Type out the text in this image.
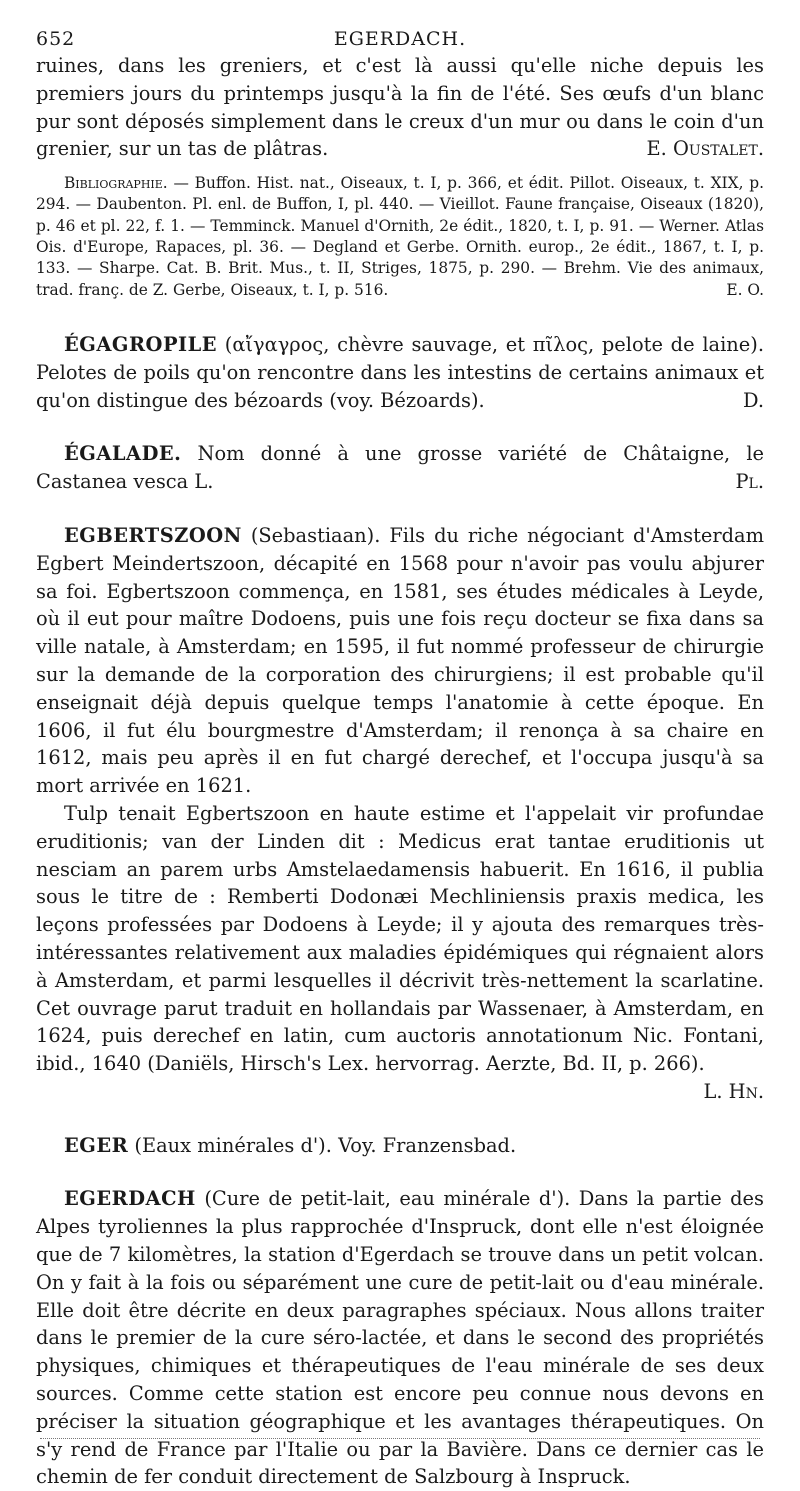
652	EGERDACH.

ruines, dans les greniers, et c'est là aussi qu'elle niche depuis les premiers jours du printemps jusqu'à la fin de l'été. Ses œufs d'un blanc pur sont déposés simplement dans le creux d'un mur ou dans le coin d'un grenier, sur un tas de plâtras.	E. Oustalet.

Bibliographie. — Buffon. Hist. nat., Oiseaux, t. I, p. 366, et édit. Pillot. Oiseaux, t. XIX, p. 294. — Daubenton. Pl. enl. de Buffon, I, pl. 440. — Vieillot. Faune française, Oiseaux (1820), p. 46 et pl. 22, f. 1. — Temminck. Manuel d'Ornith, 2e édit., 1820, t. I, p. 91. — Werner. Atlas Ois. d'Europe, Rapaces, pl. 36. — Degland et Gerbe. Ornith. europ., 2e édit., 1867, t. I, p. 133. — Sharpe. Cat. B. Brit. Mus., t. II, Striges, 1875, p. 290. — Brehm. Vie des animaux, trad. franç. de Z. Gerbe, Oiseaux, t. I, p. 516.	E. O.

ÉGAGROPILE (αἴγαγρος, chèvre sauvage, et πῖλος, pelote de laine). Pelotes de poils qu'on rencontre dans les intestins de certains animaux et qu'on distingue des bézoards (voy. Bézoards).	D.

ÉGALADE. Nom donné à une grosse variété de Châtaigne, le Castanea vesca L.	Pl.

EGBERTSZOON (Sebastiaan). Fils du riche négociant d'Amsterdam Egbert Meindertszoon, décapité en 1568 pour n'avoir pas voulu abjurer sa foi. Egbertszoon commença, en 1581, ses études médicales à Leyde, où il eut pour maître Dodoens, puis une fois reçu docteur se fixa dans sa ville natale, à Amsterdam; en 1595, il fut nommé professeur de chirurgie sur la demande de la corporation des chirurgiens; il est probable qu'il enseignait déjà depuis quelque temps l'anatomie à cette époque. En 1606, il fut élu bourgmestre d'Amsterdam; il renonça à sa chaire en 1612, mais peu après il en fut chargé derechef, et l'occupa jusqu'à sa mort arrivée en 1621.

Tulp tenait Egbertszoon en haute estime et l'appelait vir profundae eruditionis; van der Linden dit : Medicus erat tantae eruditionis ut nesciam an parem urbs Amstelaedamensis habuerit. En 1616, il publia sous le titre de : Remberti Dodonæi Mechliniensis praxis medica, les leçons professées par Dodoens à Leyde; il y ajouta des remarques très-intéressantes relativement aux maladies épidémiques qui régnaient alors à Amsterdam, et parmi lesquelles il décrivit très-nettement la scarlatine. Cet ouvrage parut traduit en hollandais par Wassenaer, à Amsterdam, en 1624, puis derechef en latin, cum auctoris annotationum Nic. Fontani, ibid., 1640 (Daniëls, Hirsch's Lex. hervorrag. Aerzte, Bd. II, p. 266).
L. Hn.

EGER (Eaux minérales d'). Voy. Franzensbad.

EGERDACH (Cure de petit-lait, eau minérale d'). Dans la partie des Alpes tyroliennes la plus rapprochée d'Inspruck, dont elle n'est éloignée que de 7 kilomètres, la station d'Egerdach se trouve dans un petit volcan. On y fait à la fois ou séparément une cure de petit-lait ou d'eau minérale. Elle doit être décrite en deux paragraphes spéciaux. Nous allons traiter dans le premier de la cure séro-lactée, et dans le second des propriétés physiques, chimiques et thérapeutiques de l'eau minérale de ses deux sources. Comme cette station est encore peu connue nous devons en préciser la situation géographique et les avantages thérapeutiques. On s'y rend de France par l'Italie ou par la Bavière. Dans ce dernier cas le chemin de fer conduit directement de Salzbourg à Inspruck.
